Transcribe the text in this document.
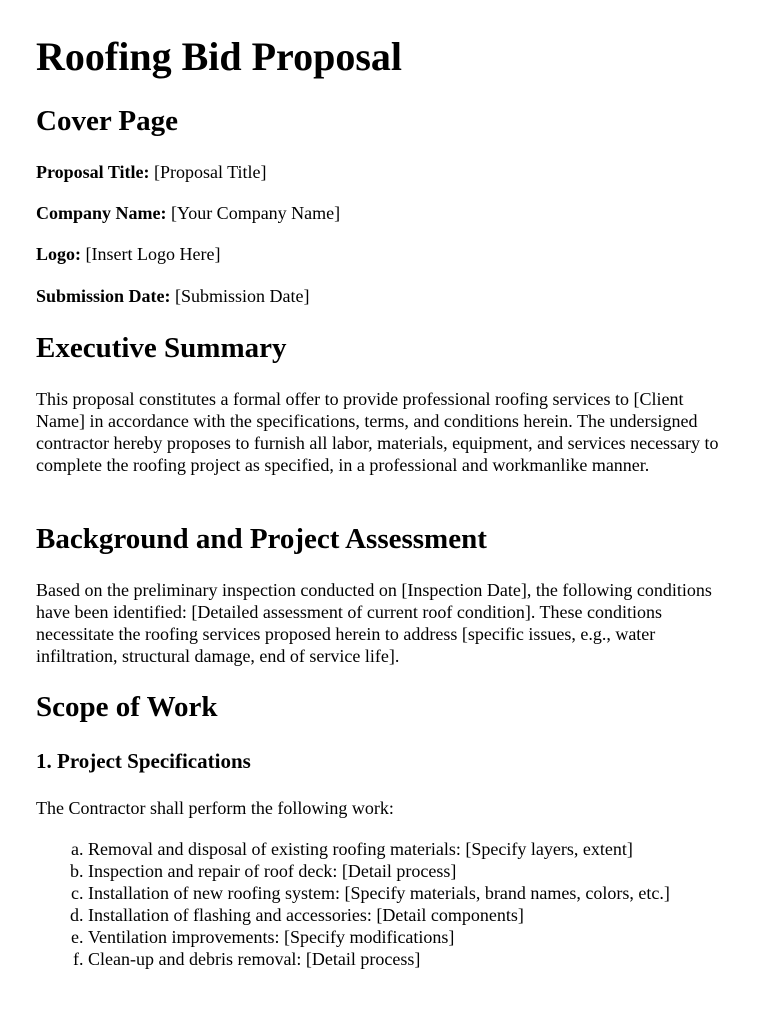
Roofing Bid Proposal
Cover Page

Proposal Title: [Proposal Title]

Company Name: [Your Company Name]

Logo: [Insert Logo Here]

Submission Date: [Submission Date]

Executive Summary

This proposal constitutes a formal offer to provide professional roofing services to [Client Name] in accordance with the specifications, terms, and conditions herein. The undersigned contractor hereby proposes to furnish all labor, materials, equipment, and services necessary to complete the roofing project as specified, in a professional and workmanlike manner.

Background and Project Assessment

Based on the preliminary inspection conducted on [Inspection Date], the following conditions have been identified: [Detailed assessment of current roof condition]. These conditions necessitate the roofing services proposed herein to address [specific issues, e.g., water infiltration, structural damage, end of service life].

Scope of Work
1. Project Specifications

The Contractor shall perform the following work:

a. Removal and disposal of existing roofing materials: [Specify layers, extent]
b. Inspection and repair of roof deck: [Detail process]
c. Installation of new roofing system: [Specify materials, brand names, colors, etc.]
d. Installation of flashing and accessories: [Detail components]
e. Ventilation improvements: [Specify modifications]
f. Clean-up and debris removal: [Detail process]
